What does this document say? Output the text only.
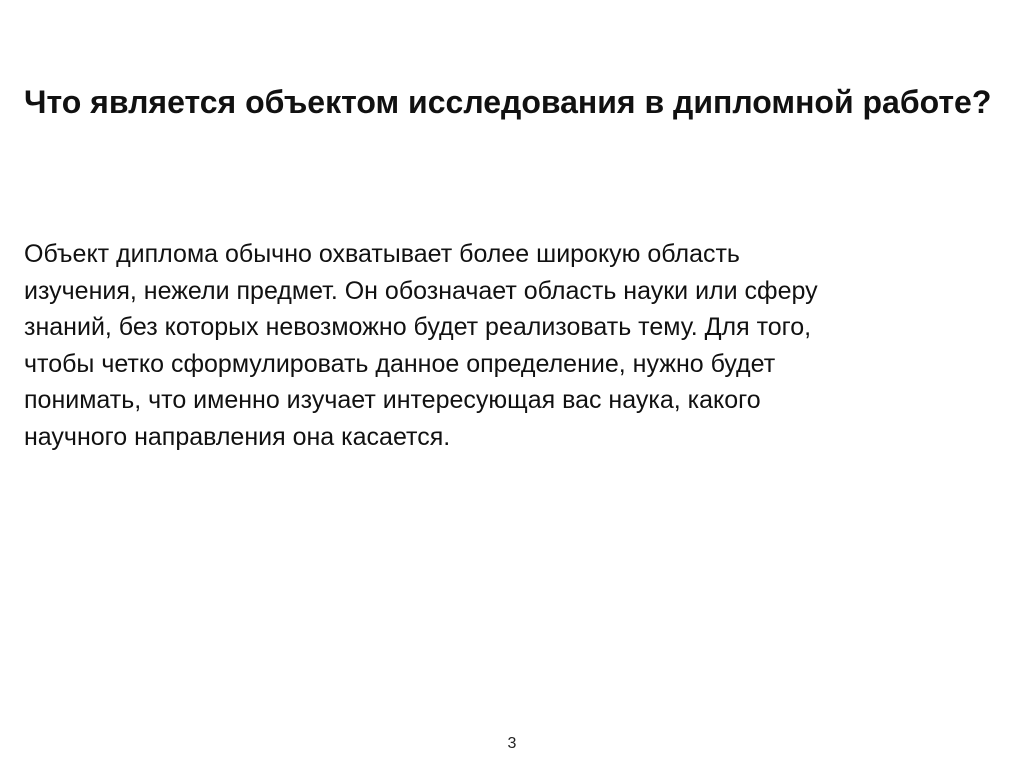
Что является объектом исследования в дипломной работе?
Объект диплома обычно охватывает более широкую область
изучения, нежели предмет. Он обозначает область науки или сферу
знаний, без которых невозможно будет реализовать тему. Для того,
чтобы четко сформулировать данное определение, нужно будет
понимать, что именно изучает интересующая вас наука, какого
научного направления она касается.
3
